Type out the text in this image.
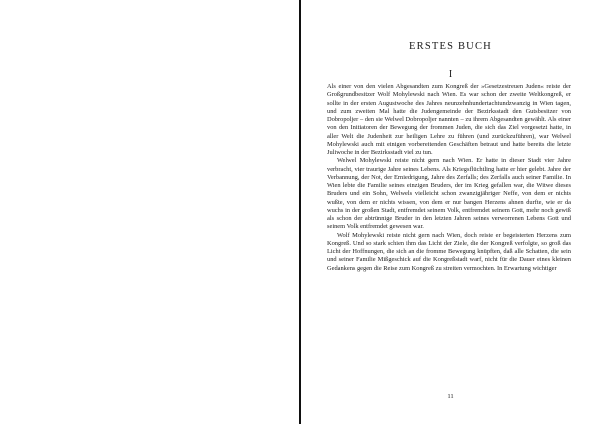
ERSTES BUCH
I

Als einer von den vielen Abgesandten zum Kongreß der »Gesetzestreuen Juden« reiste der Großgrundbesitzer Wolf Mohylewski nach Wien. Es war schon der zweite Weltkongreß, er sollte in der ersten Augustwoche des Jahres neunzehnhundertachtundzwanzig in Wien tagen, und zum zweiten Mal hatte die Judengemeinde der Bezirksstadt den Gutsbesitzer von Dobropoljer – den sie Welwel Dobropoljer nannten – zu ihrem Abgesandten gewählt. Als einer von den Initiatoren der Bewegung der frommen Juden, die sich das Ziel vorgesetzt hatte, in aller Welt die Judenheit zur heiligen Lehre zu führen (und zurückzuführen), war Welwel Mohylewski auch mit einigen vorbereitenden Geschäften betraut und hatte bereits die letzte Juliwoche in der Bezirksstadt viel zu tun.

Welwel Mohylewski reiste nicht gern nach Wien. Er hatte in dieser Stadt vier Jahre verbracht, vier traurige Jahre seines Lebens. Als Kriegsflüchtling hatte er hier gelebt. Jahre der Verbannung, der Not, der Erniedrigung, Jahre des Zerfalls; des Zerfalls auch seiner Familie. In Wien lebte die Familie seines einzigen Bruders, der im Krieg gefallen war, die Witwe dieses Bruders und ein Sohn, Welwels vielleicht schon zwanzigjähriger Neffe, von dem er nichts wußte, von dem er nichts wissen, von dem er nur bangen Herzens ahnen durfte, wie er da wuchs in der großen Stadt, entfremdet seinem Volk, entfremdet seinem Gott, mehr noch gewiß als schon der abtrünnige Bruder in den letzten Jahren seines verworrenen Lebens Gott und seinem Volk entfremdet gewesen war.

Wolf Mohylewski reiste nicht gern nach Wien, doch reiste er begeisterten Herzens zum Kongreß. Und so stark schien ihm das Licht der Ziele, die der Kongreß verfolgte, so groß das Licht der Hoffnungen, die sich an die fromme Bewegung knüpften, daß alle Schatten, die sein und seiner Familie Mißgeschick auf die Kongreßstadt warf, nicht für die Dauer eines kleinen Gedankens gegen die Reise zum Kongreß zu streiten vermochten. In Erwartung wichtiger

11
